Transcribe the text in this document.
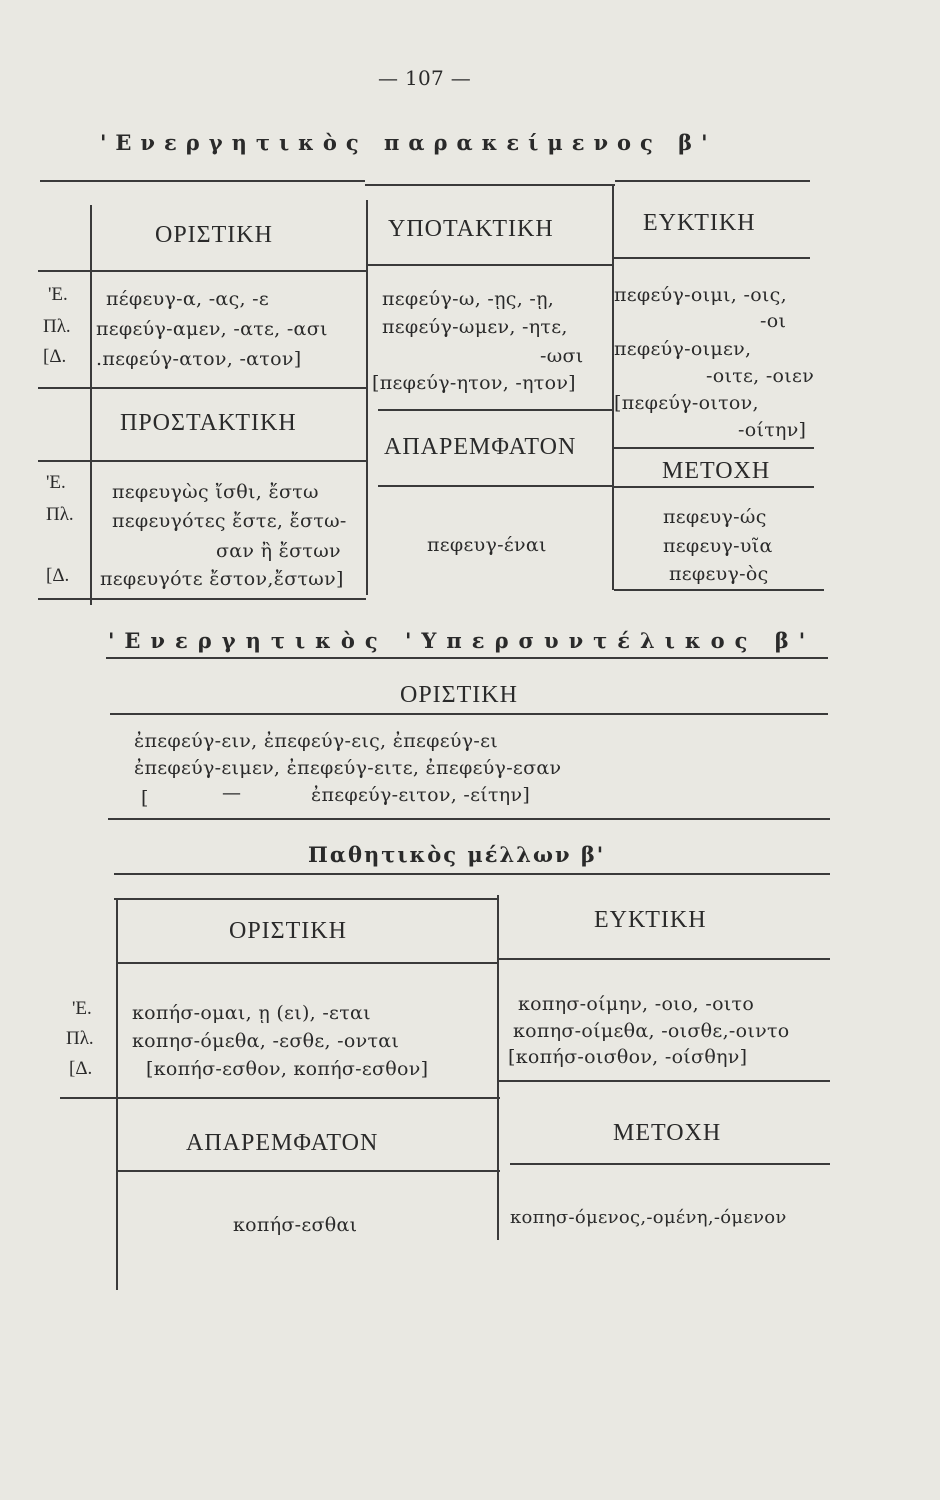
— 107 —
'Ενεργητικὸς παρακείμενος β'
ΟΡΙΣΤΙΚΗ
'Ε.
Πλ.
[Δ.
πέφευγ-α, -ας, -ε
πεφεύγ-αμεν, -ατε, -ασι
.πεφεύγ-ατον, -ατον]
ΠΡΟΣΤΑΚΤΙΚΗ
'Ε.
Πλ.
[Δ.
πεφευγὼς ἴσθι, ἔστω
πεφευγότες ἔστε, ἔστω-
σαν ἢ ἔστων
πεφευγότε ἔστον,ἔστων]
ΥΠΟΤΑΚΤΙΚΗ
πεφεύγ-ω, -ῃς, -ῃ,
πεφεύγ-ωμεν, -ητε,
-ωσι
[πεφεύγ-ητον, -ητον]
ΑΠΑΡΕΜΦΑΤΟΝ
πεφευγ-έναι
ΕΥΚΤΙΚΗ
πεφεύγ-οιμι, -οις,
-οι
πεφεύγ-οιμεν,
-οιτε, -οιεν
[πεφεύγ-οιτον,
-οίτην]
ΜΕΤΟΧΗ
πεφευγ-ώς
πεφευγ-υῖα
πεφευγ-ὸς
'Ενεργητικὸς 'Υπερσυντέλικος β'
ΟΡΙΣΤΙΚΗ
ἐπεφεύγ-ειν, ἐπεφεύγ-εις, ἐπεφεύγ-ει
ἐπεφεύγ-ειμεν, ἐπεφεύγ-ειτε, ἐπεφεύγ-εσαν
[	—	ἐπεφεύγ-ειτον, -είτην]
Παθητικὸς μέλλων β'
ΟΡΙΣΤΙΚΗ
'Ε.
Πλ.
[Δ.
κοπήσ-ομαι, ῃ (ει), -εται
κοπησ-όμεθα, -εσθε, -ονται
[κοπήσ-εσθον, κοπήσ-εσθον]
ΕΥΚΤΙΚΗ
κοπησ-οίμην, -οιο, -οιτο
κοπησ-οίμεθα, -οισθε,-οιντο
[κοπήσ-οισθον, -οίσθην]
ΑΠΑΡΕΜΦΑΤΟΝ
κοπήσ-εσθαι
ΜΕΤΟΧΗ
κοπησ-όμενος,-ομένη,-όμενον
